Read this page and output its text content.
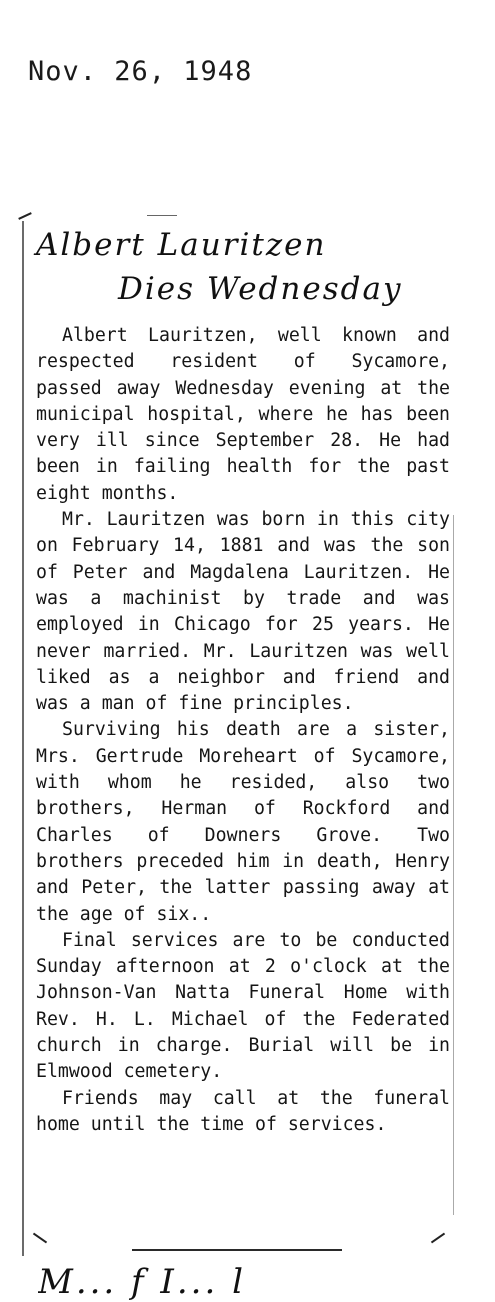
Nov. 26, 1948
Albert Lauritzen
Dies Wednesday

Albert Lauritzen, well known and respected resident of Sycamore, passed away Wednesday evening at the municipal hospital, where he has been very ill since September 28. He had been in failing health for the past eight months.

Mr. Lauritzen was born in this city on February 14, 1881 and was the son of Peter and Magdalena Lauritzen. He was a machinist by trade and was employed in Chicago for 25 years. He never married. Mr. Lauritzen was well liked as a neighbor and friend and was a man of fine principles.

Surviving his death are a sister, Mrs. Gertrude Moreheart of Sycamore, with whom he resided, also two brothers, Herman of Rockford and Charles of Downers Grove. Two brothers preceded him in death, Henry and Peter, the latter passing away at the age of six..

Final services are to be conducted Sunday afternoon at 2 o'clock at the Johnson-Van Natta Funeral Home with Rev. H. L. Michael of the Federated church in charge. Burial will be in Elmwood cemetery.

Friends may call at the funeral home until the time of services.

M... f I... l
